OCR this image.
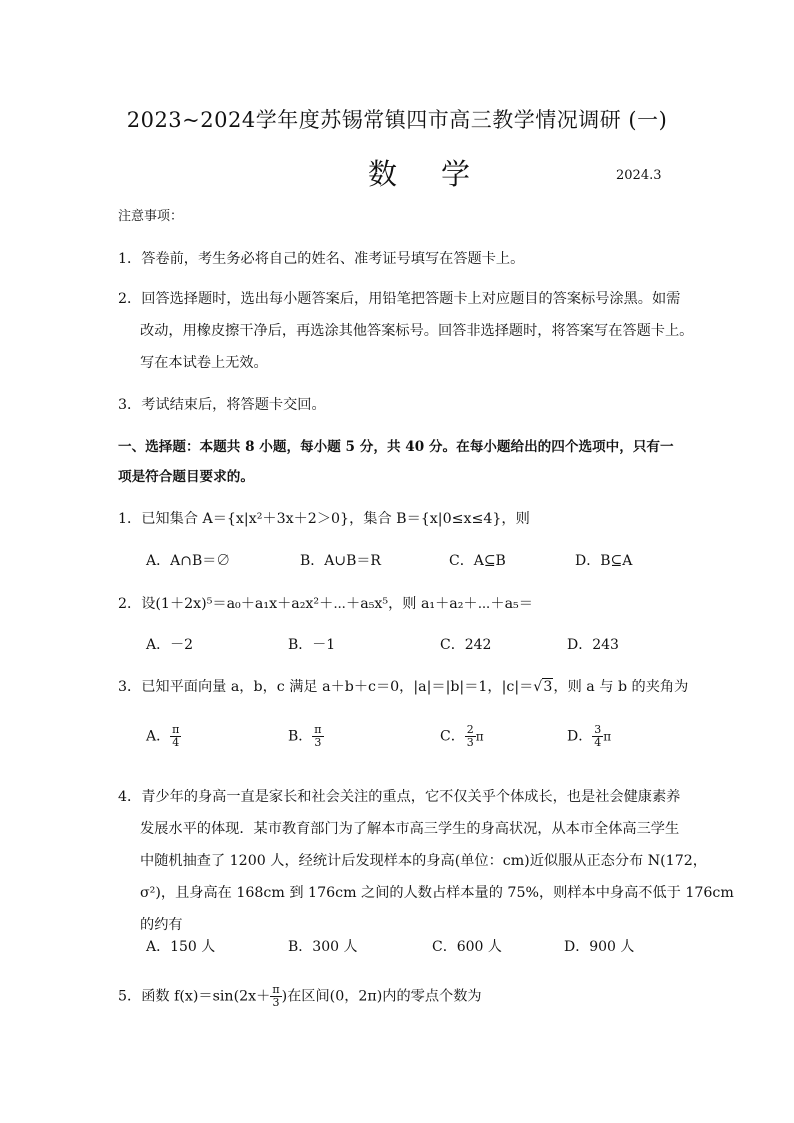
2023~2024学年度苏锡常镇四市高三教学情况调研 (一)
数学	2024.3
注意事项：
1．答卷前，考生务必将自己的姓名、准考证号填写在答题卡上。
2．回答选择题时，选出每小题答案后，用铅笔把答题卡上对应题目的答案标号涂黑。如需
改动，用橡皮擦干净后，再选涂其他答案标号。回答非选择题时，将答案写在答题卡上。
写在本试卷上无效。
3．考试结束后，将答题卡交回。
一、选择题：本题共 8 小题，每小题 5 分，共 40 分。在每小题给出的四个选项中，只有一
项是符合题目要求的。
1．已知集合 A＝{x|x²＋3x＋2＞0}，集合 B＝{x|0≤x≤4}，则
A．A∩B＝∅	B．A∪B＝R	C．A⊆B	D．B⊆A
2．设(1＋2x)⁵＝a₀＋a₁x＋a₂x²＋⋯＋a₅x⁵，则 a₁＋a₂＋⋯＋a₅＝
A．－2	B．－1	C．242	D．243
3．已知平面向量 a，b，c 满足 a＋b＋c＝0，|a|＝|b|＝1，|c|＝√3，则 a 与 b 的夹角为
A． $\frac{\pi}{4}$	B． $\frac{\pi}{3}$	C． $\frac{2}{3}$ π	D． $\frac{3}{4}$ π
4．青少年的身高一直是家长和社会关注的重点，它不仅关乎个体成长，也是社会健康素养
发展水平的体现．某市教育部门为了解本市高三学生的身高状况，从本市全体高三学生
中随机抽查了 1200 人，经统计后发现样本的身高(单位：cm)近似服从正态分布 N(172，
σ²)，且身高在 168cm 到 176cm 之间的人数占样本量的 75%，则样本中身高不低于 176cm
的约有
A．150 人	B．300 人	C．600 人	D．900 人
5．函数 $f(x)=\sin(2x+ \frac{\pi}{3}$ )在区间(0，2π)内的零点个数为
